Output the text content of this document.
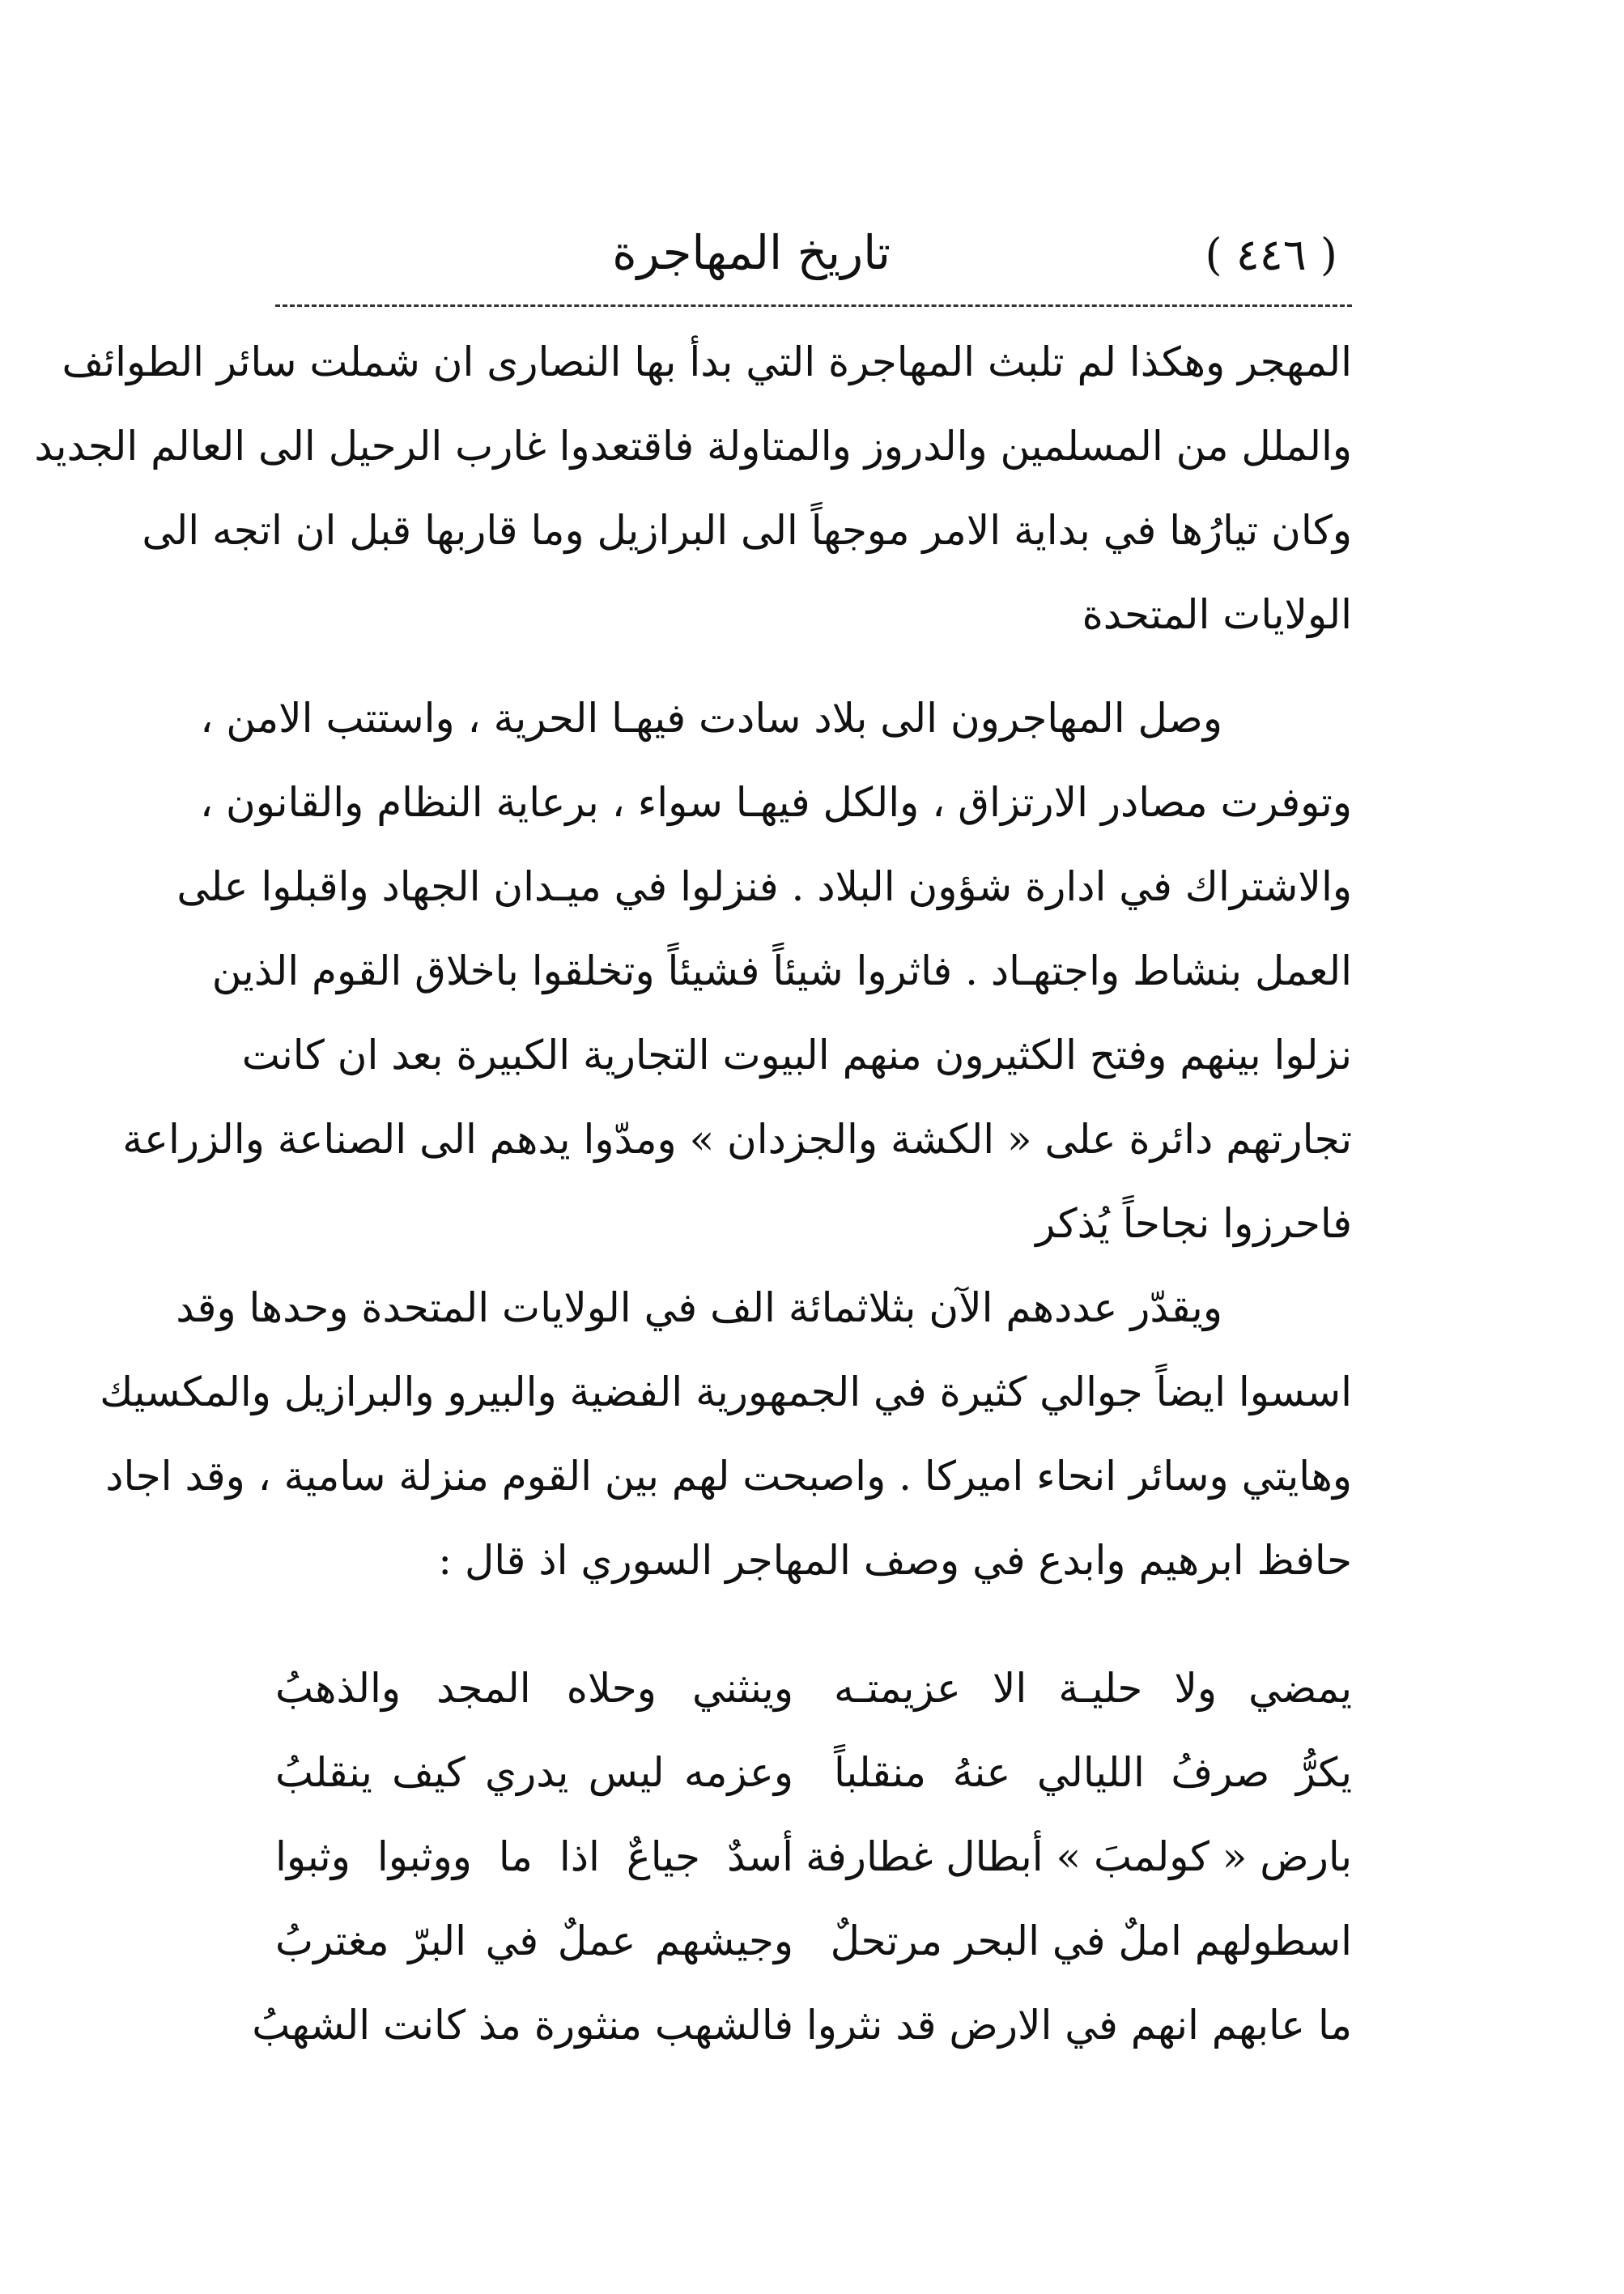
( ٤٤٦ )
تاريخ المهاجرة
المهجر وهكذا لم تلبث المهاجرة التي بدأ بها النصارى ان شملت سائر الطوائف
والملل من المسلمين والدروز والمتاولة فاقتعدوا غارب الرحيل الى العالم الجديد
وكان تيارُها في بداية الامر موجهاً الى البرازيل وما قاربها قبل ان اتجه الى
الولايات المتحدة
وصل المهاجرون الى بلاد سادت فيهـا الحرية ، واستتب الامن ،
وتوفرت مصادر الارتزاق ، والكل فيهـا سواء ، برعاية النظام والقانون ،
والاشتراك في ادارة شؤون البلاد . فنزلوا في ميـدان الجهاد واقبلوا على
العمل بنشاط واجتهـاد . فاثروا شيئاً فشيئاً وتخلقوا باخلاق القوم الذين
نزلوا بينهم وفتح الكثيرون منهم البيوت التجارية الكبيرة بعد ان كانت
تجارتهم دائرة على « الكشة والجزدان » ومدّوا يدهم الى الصناعة والزراعة
فاحرزوا نجاحاً يُذكر
ويقدّر عددهم الآن بثلاثمائة الف في الولايات المتحدة وحدها وقد
اسسوا ايضاً جوالي كثيرة في الجمهورية الفضية والبيرو والبرازيل والمكسيك
وهايتي وسائر انحاء اميركا . واصبحت لهم بين القوم منزلة سامية ، وقد اجاد
حافظ ابرهيم وابدع في وصف المهاجر السوري اذ قال :
يمضي ولا حليـة الا عزيمتـه
وينثني وحلاه المجد والذهبُ
يكرُّ صرفُ الليالي عنهُ منقلباً
وعزمه ليس يدري كيف ينقلبُ
بارض « كولمبَ » أبطال غطارفة
أسدٌ جياعٌ اذا ما ووثبوا وثبوا
اسطولهم املٌ في البحر مرتحلٌ
وجيشهم عملٌ في البرّ مغتربُ
ما عابهم انهم في الارض قد نثروا
فالشهب منثورة مذ كانت الشهبُ
